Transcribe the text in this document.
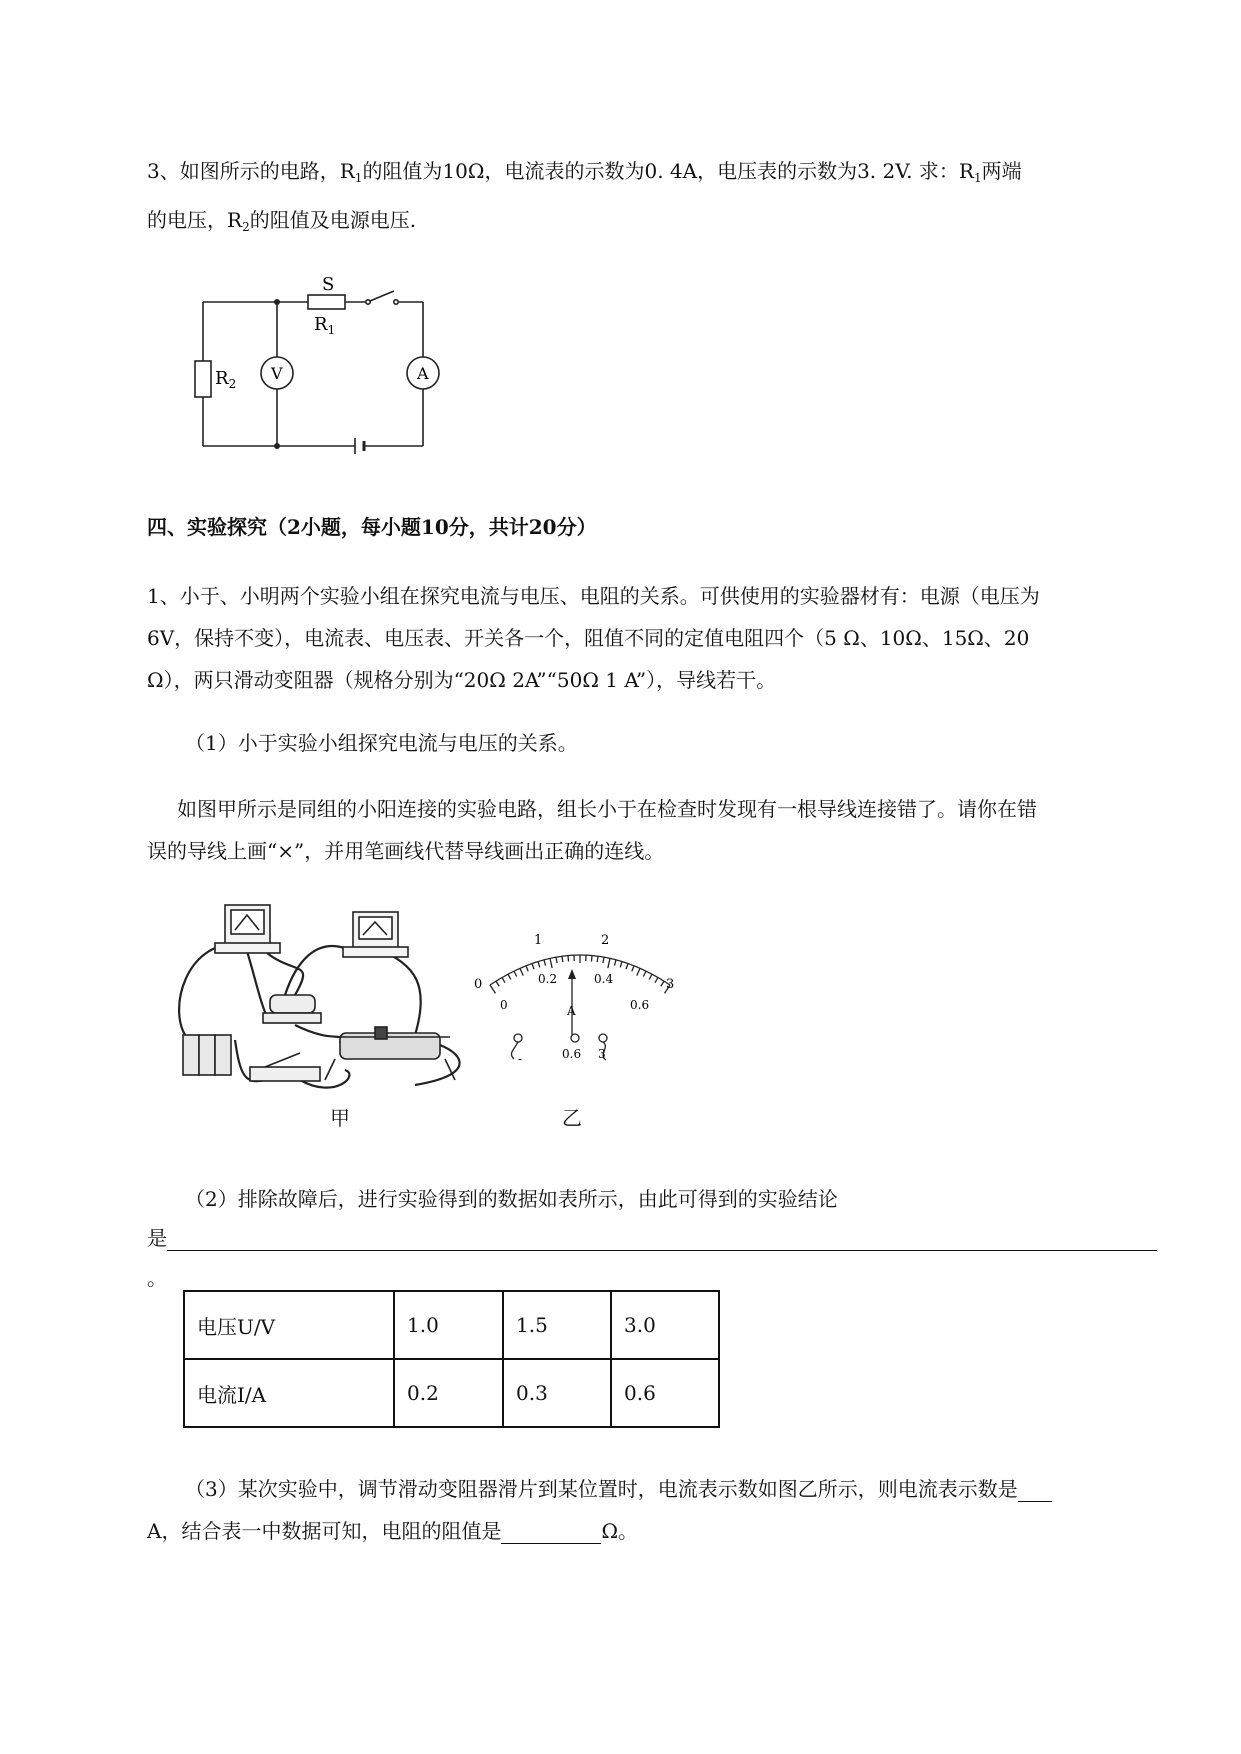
3、如图所示的电路，$R_1$的阻值为10Ω，电流表的示数为0. 4A，电压表的示数为3. 2V. 求：$R_1$两端
的电压，$R_2$的阻值及电源电压.

S
$R_1$
$R_2$
V	A

四、实验探究（2小题，每小题10分，共计20分）

1、小于、小明两个实验小组在探究电流与电压、电阻的关系。可供使用的实验器材有：电源（电压为
6V，保持不变），电流表、电压表、开关各一个，阻值不同的定值电阻四个（5 Ω、10Ω、15Ω、20
Ω），两只滑动变阻器（规格分别为“20Ω 2A”“50Ω 1 A”），导线若干。

（1）小于实验小组探究电流与电压的关系。

如图甲所示是同组的小阳连接的实验电路，组长小于在检查时发现有一根导线连接错了。请你在错
误的导线上画“×”，并用笔画线代替导线画出正确的连线。

甲
0
1	2
3
0
0.2	0.4
0.6
A
-	0.6 3
乙

（2）排除故障后，进行实验得到的数据如表所示，由此可得到的实验结论

是
。
电压U/V	1.0	1.5	3.0
电流I/A	0.2	0.3	0.6
（3）某次实验中，调节滑动变阻器滑片到某位置时，电流表示数如图乙所示，则电流表示数是
A，结合表一中数据可知，电阻的阻值是	Ω。
